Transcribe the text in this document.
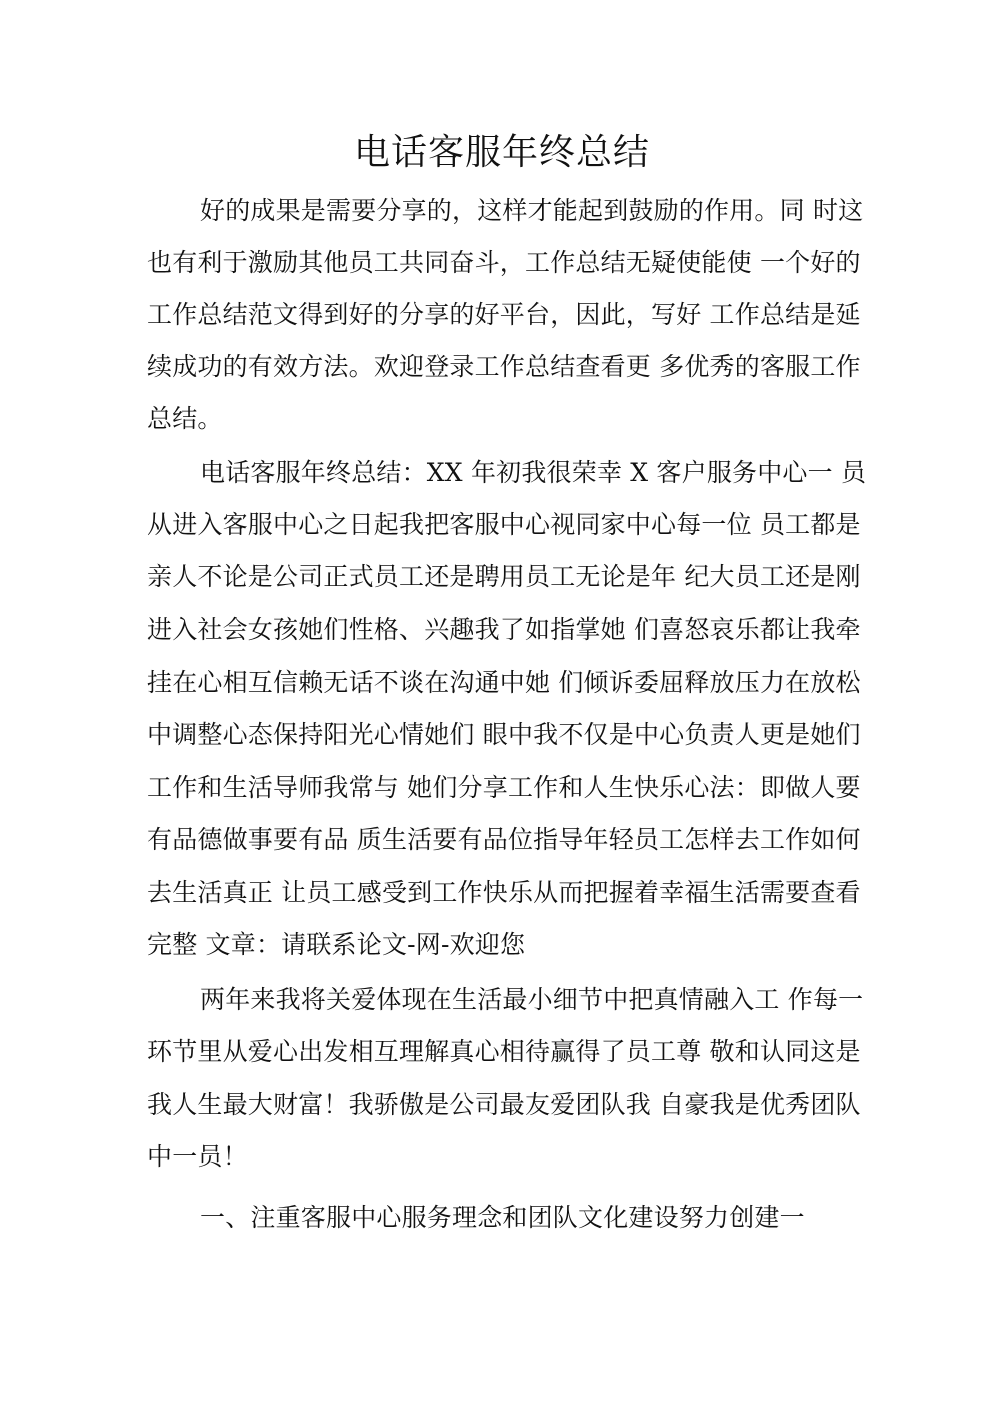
电话客服年终总结

好的成果是需要分享的，这样才能起到鼓励的作用。同 时这

也有利于激励其他员工共同奋斗，工作总结无疑使能使 一个好的

工作总结范文得到好的分享的好平台，因此，写好 工作总结是延

续成功的有效方法。欢迎登录工作总结查看更 多优秀的客服工作

总结。

电话客服年终总结：XX 年初我很荣幸 X 客户服务中心一 员

从进入客服中心之日起我把客服中心视同家中心每一位 员工都是

亲人不论是公司正式员工还是聘用员工无论是年 纪大员工还是刚

进入社会女孩她们性格、兴趣我了如指掌她 们喜怒哀乐都让我牵

挂在心相互信赖无话不谈在沟通中她 们倾诉委屈释放压力在放松

中调整心态保持阳光心情她们 眼中我不仅是中心负责人更是她们

工作和生活导师我常与 她们分享工作和人生快乐心法：即做人要

有品德做事要有品 质生活要有品位指导年轻员工怎样去工作如何

去生活真正 让员工感受到工作快乐从而把握着幸福生活需要查看

完整 文章：请联系论文-网-欢迎您

两年来我将关爱体现在生活最小细节中把真情融入工 作每一

环节里从爱心出发相互理解真心相待赢得了员工尊 敬和认同这是

我人生最大财富！我骄傲是公司最友爱团队我 自豪我是优秀团队

中一员！

一、注重客服中心服务理念和团队文化建设努力创建一
